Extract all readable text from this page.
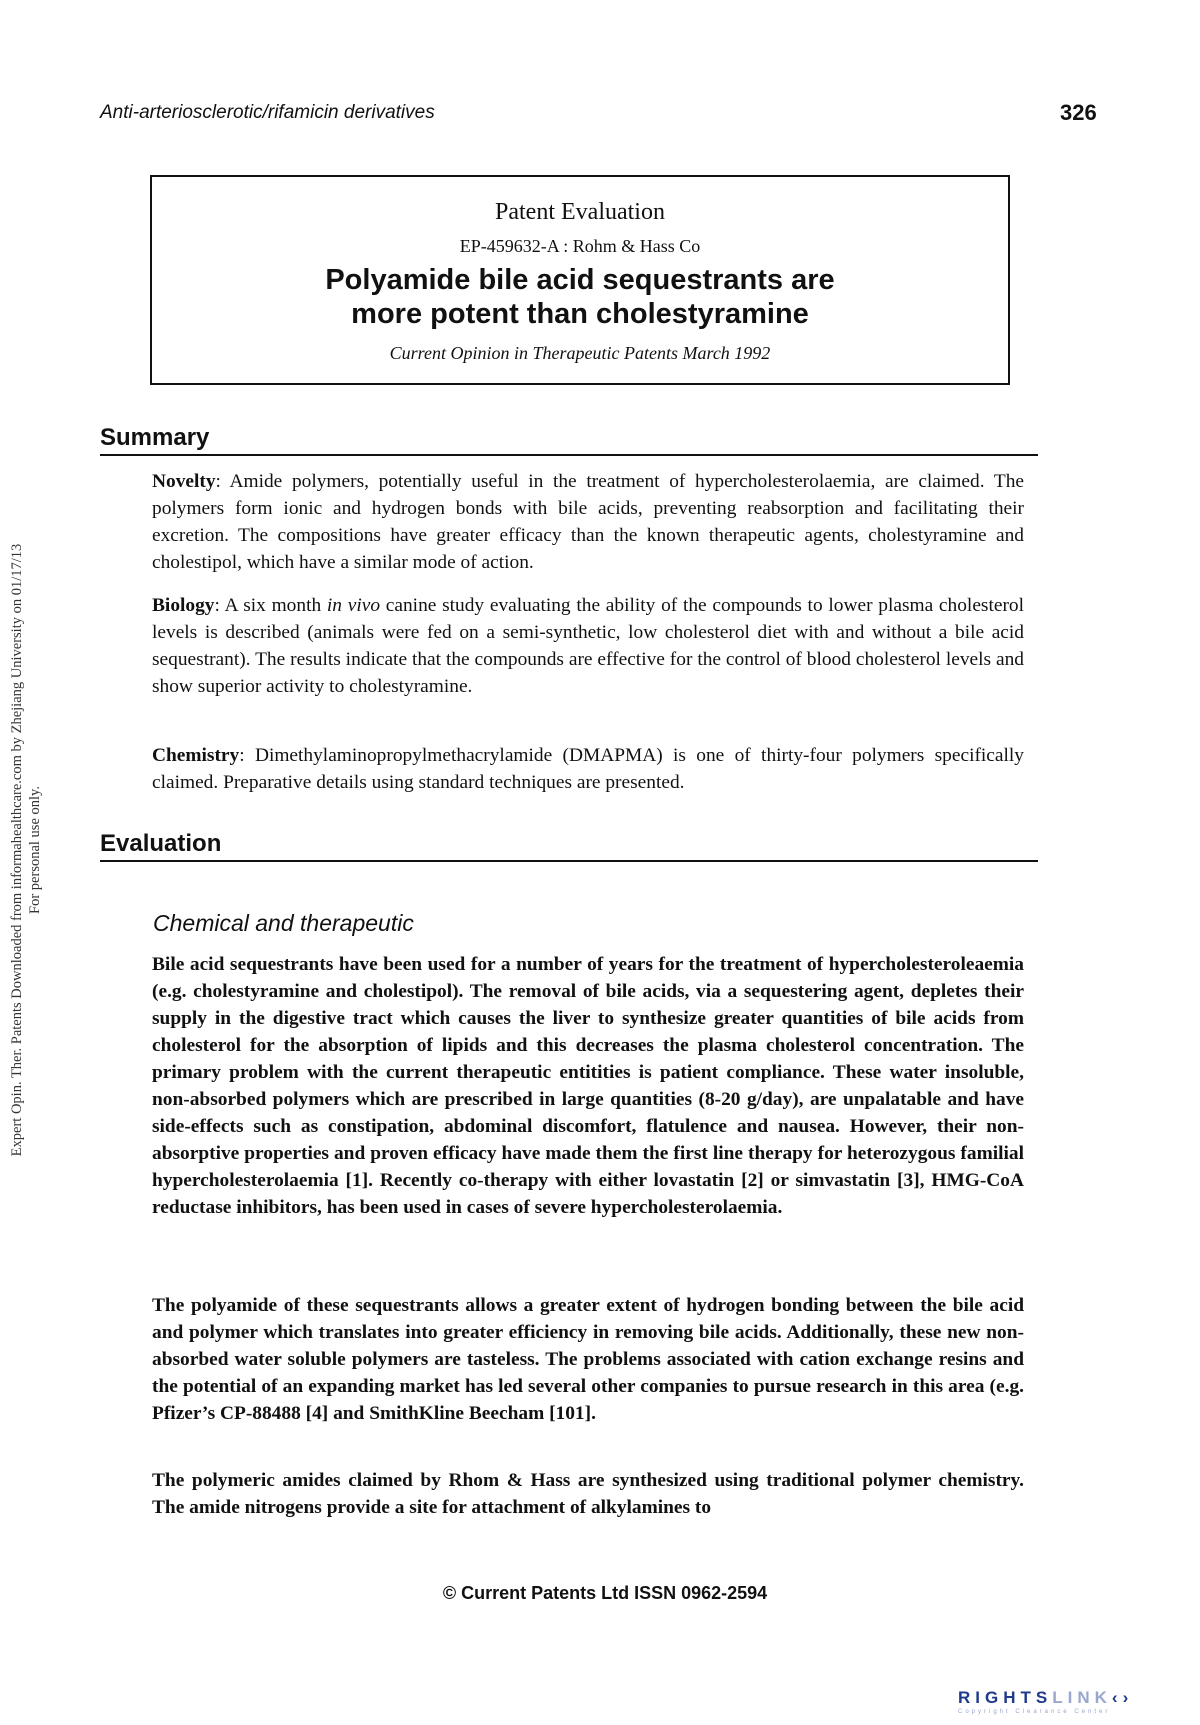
Anti-arteriosclerotic/rifamicin derivatives	326
Patent Evaluation
EP-459632-A : Rohm & Hass Co
Polyamide bile acid sequestrants are
more potent than cholestyramine
Current Opinion in Therapeutic Patents March 1992
Summary
Novelty: Amide polymers, potentially useful in the treatment of hypercholesterolaemia, are claimed. The polymers form ionic and hydrogen bonds with bile acids, preventing reabsorption and facilitating their excretion. The compositions have greater efficacy than the known therapeutic agents, cholestyramine and cholestipol, which have a similar mode of action.
Biology: A six month in vivo canine study evaluating the ability of the compounds to lower plasma cholesterol levels is described (animals were fed on a semi-synthetic, low cholesterol diet with and without a bile acid sequestrant). The results indicate that the compounds are effective for the control of blood cholesterol levels and show superior activity to cholestyramine.
Chemistry: Dimethylaminopropylmethacrylamide (DMAPMA) is one of thirty-four polymers specifically claimed. Preparative details using standard techniques are presented.
Evaluation
Chemical and therapeutic
Bile acid sequestrants have been used for a number of years for the treatment of hypercholesteroleaemia (e.g. cholestyramine and cholestipol). The removal of bile acids, via a sequestering agent, depletes their supply in the digestive tract which causes the liver to synthesize greater quantities of bile acids from cholesterol for the absorption of lipids and this decreases the plasma cholesterol concentration. The primary problem with the current therapeutic entitities is patient compliance. These water insoluble, non-absorbed polymers which are prescribed in large quantities (8-20 g/day), are unpalatable and have side-effects such as constipation, abdominal discomfort, flatulence and nausea. However, their non-absorptive properties and proven efficacy have made them the first line therapy for heterozygous familial hypercholesterolaemia [1]. Recently co-therapy with either lovastatin [2] or simvastatin [3], HMG-CoA reductase inhibitors, has been used in cases of severe hypercholesterolaemia.
The polyamide of these sequestrants allows a greater extent of hydrogen bonding between the bile acid and polymer which translates into greater efficiency in removing bile acids. Additionally, these new non-absorbed water soluble polymers are tasteless. The problems associated with cation exchange resins and the potential of an expanding market has led several other companies to pursue research in this area (e.g. Pfizer’s CP-88488 [4] and SmithKline Beecham [101].
The polymeric amides claimed by Rhom & Hass are synthesized using traditional polymer chemistry. The amide nitrogens provide a site for attachment of alkylamines to
© Current Patents Ltd ISSN 0962-2594
Expert Opin. Ther. Patents Downloaded from informahealthcare.com by Zhejiang University on 01/17/13 For personal use only.
RIGHTSLINK‹›
Copyright Clearance Center
